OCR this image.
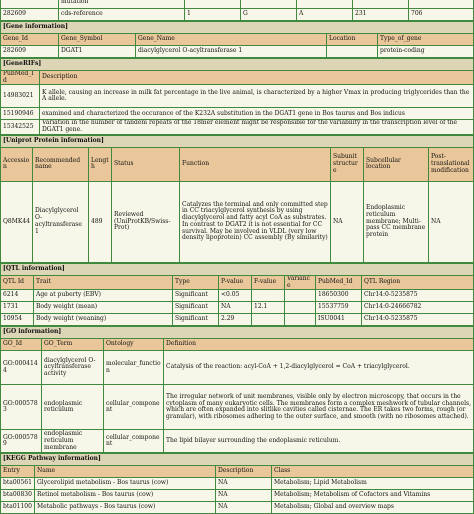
	mutation					
282609	cds-reference	1	G	A	231	706
[Gene information]				
Gene_Id	Gene_Symbol	Gene_Name	Location	Type_of_gene
282609	DGAT1	diacylglycerol O-acyltransferase 1		protein-coding
[GeneRIFs]	
PubMed_Id	Description
14983021	K allele, causing an increase in milk fat percentage in the live animal, is characterized by a higher Vmax in producing triglycerides than the A allele.
15190946	examined and characterized the occurance of the K232A substitution in the DGAT1 gene in Bos taurus and Bos indicus
15342525	Variation in the number of tandem repeats of the 18mer element might be responsible for the variability in the transcription level of the DGAT1 gene.
[Uniprot Protein information]							
Accession	Recommended name	Length	Status	Function	Subunit structure	Subcellular location	Post-translational modification
Q8MK44	Diacylglycerol O-acyltransferase 1	489	Reviewed (UniProtKB/Swiss-Prot)	Catalyzes the terminal and only committed step in CC triacylglycerol synthesis by using diacylglycerol and fatty acyl CoA as substrates. In contrast to DGAT2 it is not essential for CC survival. May be involved in VLDL (very low density lipoprotein) CC assembly (By similarity)	NA	Endoplasmic reticulum membrane; Multi-pass CC membrane protein	NA
[QTL information]							
QTL Id	Trait	Type	P-value	F-value	Variance	PubMed_Id	QTL Region
6214	Age at puberty (EBV)	Significant	<0.05			18650300	Chr14:0-5235875
1731	Body weight (mean)	Significant	NA	12.1		15537759	Chr14:0-24666782
10954	Body weight (weaning)	Significant	2.29			ISU0041	Chr14:0-5235875
[GO information]			
GO_Id	GO_Term	Ontology	Definition
GO:0004144	diacylglycerol O-acyltransferase activity	molecular_function	Catalysis of the reaction: acyl-CoA + 1,2-diacylglycerol = CoA + triacylglycerol.
GO:0005783	endoplasmic reticulum	cellular_component	The irregular network of unit membranes, visible only by electron microscopy, that occurs in the cytoplasm of many eukaryotic cells. The membranes form a complex meshwork of tubular channels, which are often expanded into slitlike cavities called cisternae. The ER takes two forms, rough (or granular), with ribosomes adhering to the outer surface, and smooth (with no ribosomes attached).
GO:0005789	endoplasmic reticulum membrane	cellular_component	The lipid bilayer surrounding the endoplasmic reticulum.
[KEGG Pathway information]			
Entry	Name	Description	Class
bta00561	Glycerolipid metabolism - Bos taurus (cow)	NA	Metabolism; Lipid Metabolism
bta00830	Retinol metabolism - Bos taurus (cow)	NA	Metabolism; Metabolism of Cofactors and Vitamins
bta01100	Metabolic pathways - Bos taurus (cow)	NA	Metabolism; Global and overview maps
